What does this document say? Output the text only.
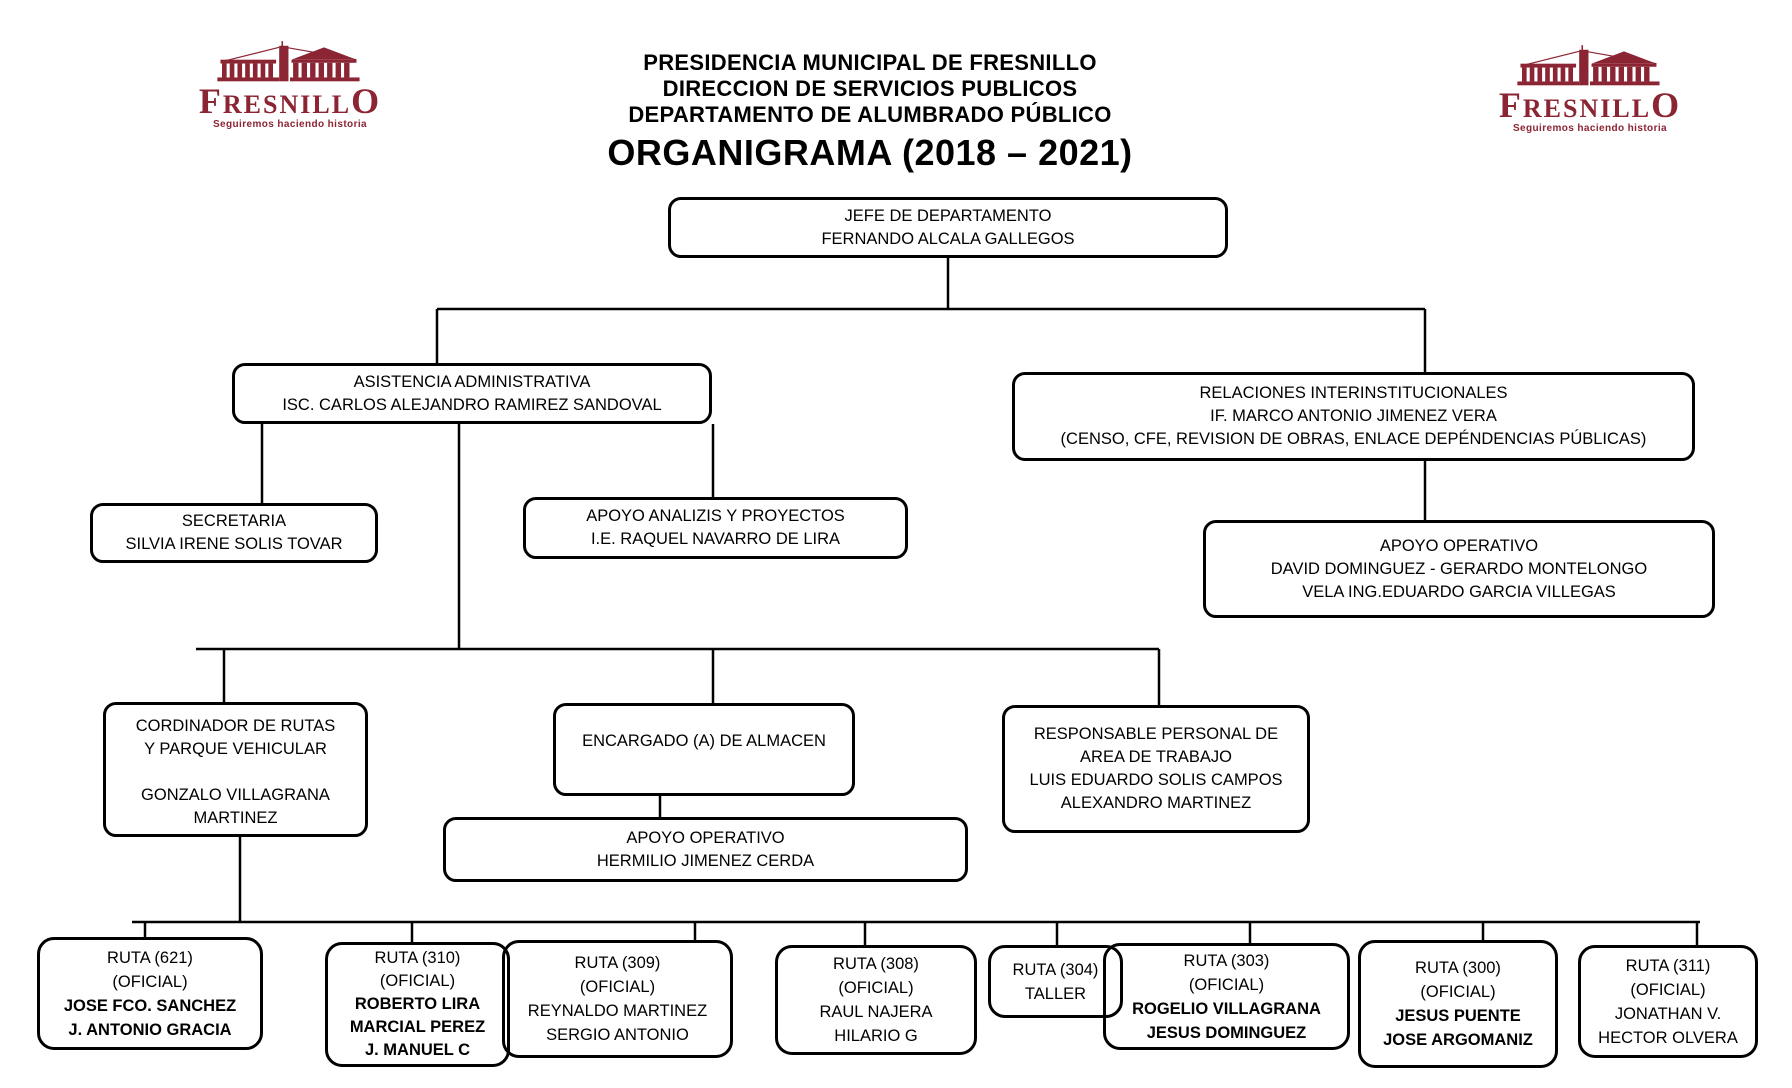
FRESNILLO
Seguiremos haciendo historia	FRESNILLO
Seguiremos haciendo historia
PRESIDENCIA MUNICIPAL DE FRESNILLO
DIRECCION DE SERVICIOS PUBLICOS
DEPARTAMENTO DE ALUMBRADO PÚBLICO
ORGANIGRAMA (2018 – 2021)
JEFE DE DEPARTAMENTO
FERNANDO ALCALA GALLEGOS
ASISTENCIA ADMINISTRATIVA
ISC. CARLOS ALEJANDRO RAMIREZ SANDOVAL
RELACIONES INTERINSTITUCIONALES
IF. MARCO ANTONIO JIMENEZ VERA
(CENSO, CFE, REVISION DE OBRAS, ENLACE DEPÉNDENCIAS PÚBLICAS)
SECRETARIA
SILVIA IRENE SOLIS TOVAR
APOYO ANALIZIS Y PROYECTOS
I.E. RAQUEL NAVARRO DE LIRA	APOYO OPERATIVO
DAVID DOMINGUEZ - GERARDO MONTELONGO
VELA ING.EDUARDO GARCIA VILLEGAS
CORDINADOR DE RUTAS
Y PARQUE VEHICULAR
GONZALO VILLAGRANA
MARTINEZ
ENCARGADO (A) DE ALMACEN	RESPONSABLE PERSONAL DE
AREA DE TRABAJO
LUIS EDUARDO SOLIS CAMPOS
ALEXANDRO MARTINEZ
APOYO OPERATIVO
HERMILIO JIMENEZ CERDA
RUTA (621)
(OFICIAL)
JOSE FCO. SANCHEZ
J. ANTONIO GRACIA
RUTA (310)
(OFICIAL)
ROBERTO LIRA
MARCIAL PEREZ
J. MANUEL C
RUTA (309)
(OFICIAL)
REYNALDO MARTINEZ
SERGIO ANTONIO
RUTA (308)
(OFICIAL)
RAUL NAJERA
HILARIO G
RUTA (304)
TALLER
RUTA (303)
(OFICIAL)
ROGELIO VILLAGRANA
JESUS DOMINGUEZ
RUTA (300)
(OFICIAL)
JESUS PUENTE
JOSE ARGOMANIZ
RUTA (311)
(OFICIAL)
JONATHAN V.
HECTOR OLVERA
